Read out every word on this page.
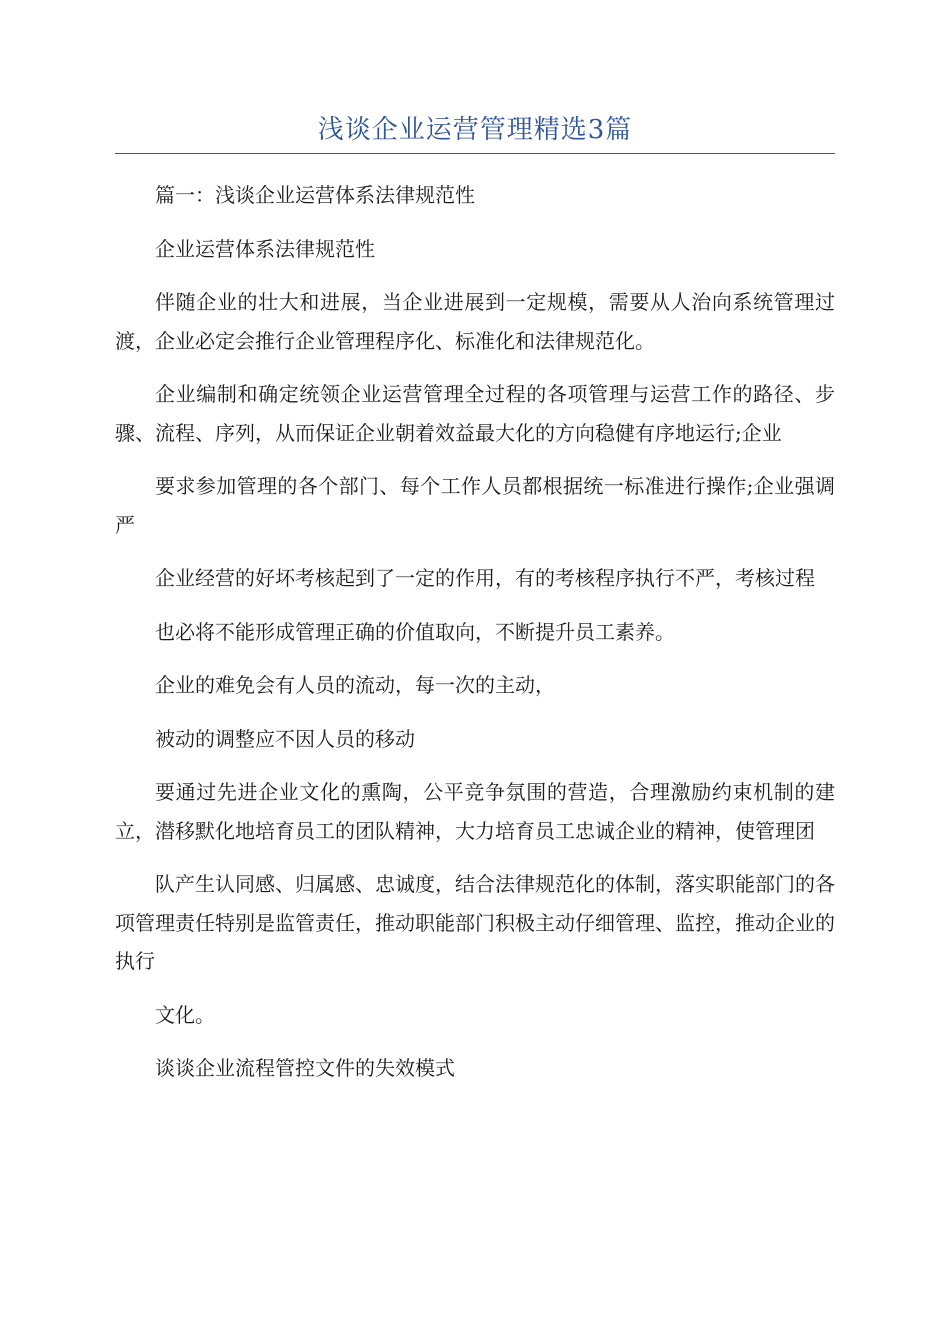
浅谈企业运营管理精选3篇

篇一：浅谈企业运营体系法律规范性

企业运营体系法律规范性

伴随企业的壮大和进展，当企业进展到一定规模，需要从人治向系统管理过渡，企业必定会推行企业管理程序化、标准化和法律规范化。

企业编制和确定统领企业运营管理全过程的各项管理与运营工作的路径、步骤、流程、序列，从而保证企业朝着效益最大化的方向稳健有序地运行;企业

要求参加管理的各个部门、每个工作人员都根据统一标准进行操作;企业强调严

企业经营的好坏考核起到了一定的作用，有的考核程序执行不严，考核过程

也必将不能形成管理正确的价值取向，不断提升员工素养。

企业的难免会有人员的流动，每一次的主动，

被动的调整应不因人员的移动

要通过先进企业文化的熏陶，公平竞争氛围的营造，合理激励约束机制的建立，潜移默化地培育员工的团队精神，大力培育员工忠诚企业的精神，使管理团

队产生认同感、归属感、忠诚度，结合法律规范化的体制，落实职能部门的各项管理责任特别是监管责任，推动职能部门积极主动仔细管理、监控，推动企业的执行

文化。

谈谈企业流程管控文件的失效模式
